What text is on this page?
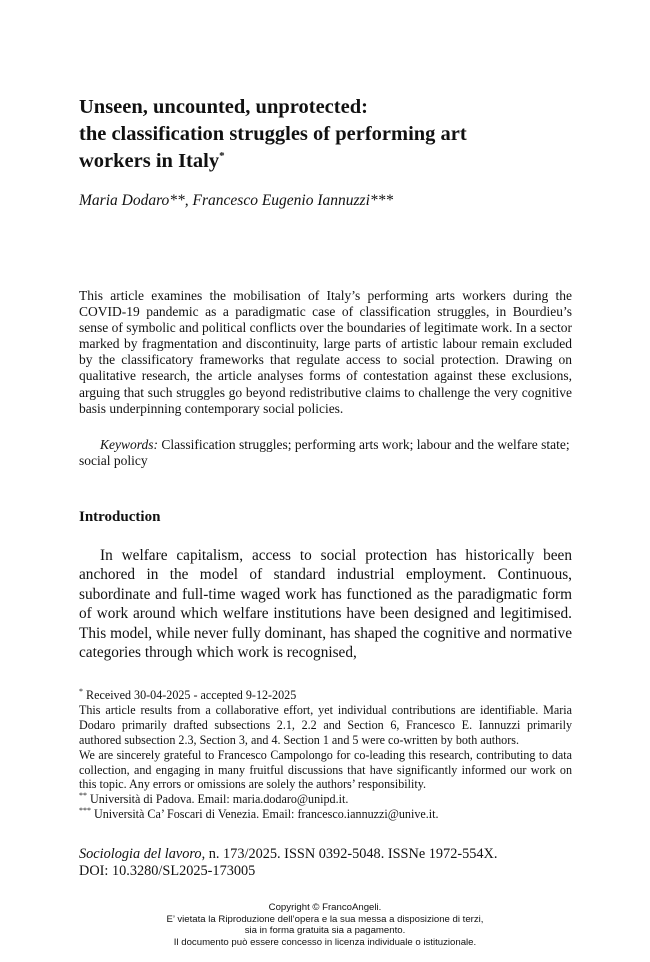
Unseen, uncounted, unprotected:
the classification struggles of performing art
workers in Italy*
Maria Dodaro**, Francesco Eugenio Iannuzzi***

This article examines the mobilisation of Italy’s performing arts workers during the COVID-19 pandemic as a paradigmatic case of classification struggles, in Bourdieu’s sense of symbolic and political conflicts over the boundaries of legitimate work. In a sector marked by fragmentation and discontinuity, large parts of artistic labour remain excluded by the classificatory frameworks that regulate access to social protection. Drawing on qualitative research, the article analyses forms of contestation against these exclusions, arguing that such struggles go beyond redistributive claims to challenge the very cognitive basis underpinning contemporary social policies.

Keywords: Classification struggles; performing arts work; labour and the welfare state; social policy

Introduction

In welfare capitalism, access to social protection has historically been anchored in the model of standard industrial employment. Continuous, subordinate and full-time waged work has functioned as the paradigmatic form of work around which welfare institutions have been designed and legitimised. This model, while never fully dominant, has shaped the cognitive and normative categories through which work is recognised,

* Received 30-04-2025 - accepted 9-12-2025

This article results from a collaborative effort, yet individual contributions are identifiable. Maria Dodaro primarily drafted subsections 2.1, 2.2 and Section 6, Francesco E. Iannuzzi primarily authored subsection 2.3, Section 3, and 4. Section 1 and 5 were co-written by both authors.

We are sincerely grateful to Francesco Campolongo for co-leading this research, contributing to data collection, and engaging in many fruitful discussions that have significantly informed our work on this topic. Any errors or omissions are solely the authors’ responsibility.

** Università di Padova. Email: maria.dodaro@unipd.it.

*** Università Ca’ Foscari di Venezia. Email: francesco.iannuzzi@unive.it.

Sociologia del lavoro, n. 173/2025. ISSN 0392-5048. ISSNe 1972-554X.
DOI: 10.3280/SL2025-173005
Copyright © FrancoAngeli.
E’ vietata la Riproduzione dell’opera e la sua messa a disposizione di terzi,
sia in forma gratuita sia a pagamento.
Il documento può essere concesso in licenza individuale o istituzionale.
